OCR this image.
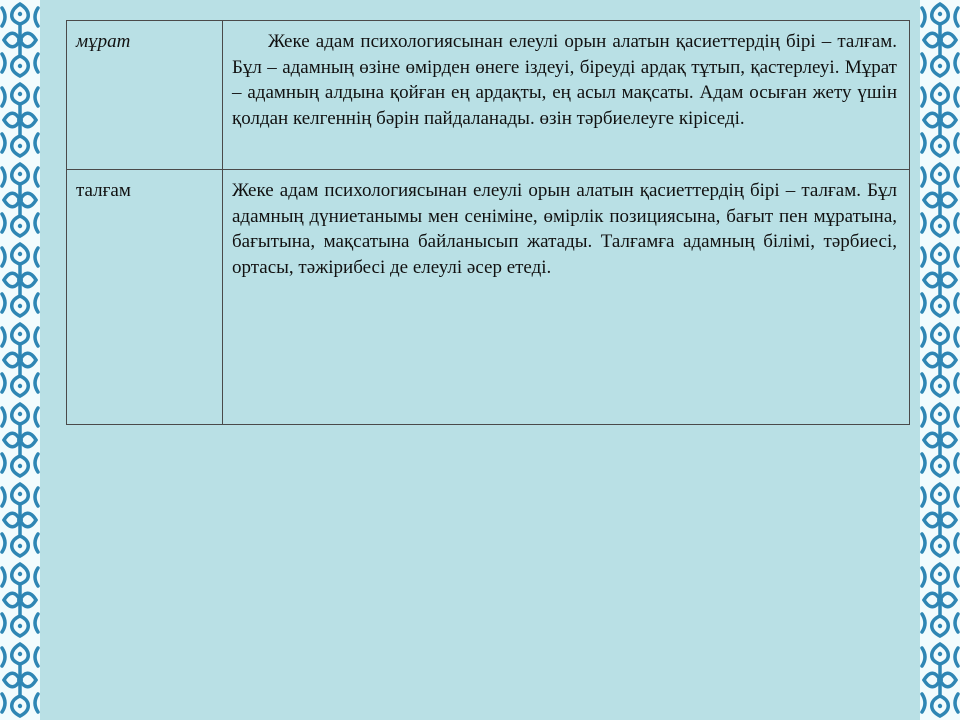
мұрат	Жеке адам психологиясынан елеулі орын алатын қасиеттердің бірі – талғам. Бұл – адамның өзіне өмірден өнеге іздеуі, біреуді ардақ тұтып, қастерлеуі. Мұрат – адамның алдына қойған ең ардақты, ең асыл мақсаты. Адам осыған жету үшін қолдан келгеннің бәрін пайдаланады. өзін тәрбиелеуге кіріседі.
талғам	Жеке адам психологиясынан елеулі орын алатын қасиеттердің бірі – талғам. Бұл адамның дүниетанымы мен сеніміне, өмірлік позициясына, бағыт пен мұратына, бағытына, мақсатына байланысып жатады. Талғамға адамның білімі, тәрбиесі, ортасы, тәжірибесі де елеулі әсер етеді.
